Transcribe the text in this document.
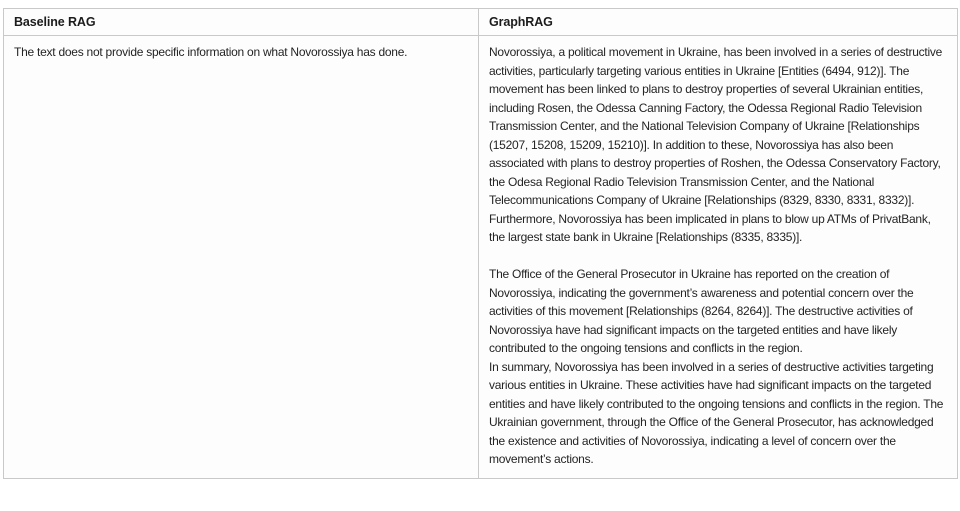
Baseline RAG	GraphRAG

The text does not provide specific information on what Novorossiya has done.	Novorossiya, a political movement in Ukraine, has been involved in a series of destructive activities, particularly targeting various entities in Ukraine [Entities (6494, 912)]. The movement has been linked to plans to destroy properties of several Ukrainian entities, including Rosen, the Odessa Canning Factory, the Odessa Regional Radio Television Transmission Center, and the National Television Company of Ukraine [Relationships (15207, 15208, 15209, 15210)]. In addition to these, Novorossiya has also been associated with plans to destroy properties of Roshen, the Odessa Conservatory Factory, the Odesa Regional Radio Television Transmission Center, and the National Telecommunications Company of Ukraine [Relationships (8329, 8330, 8331, 8332)]. Furthermore, Novorossiya has been implicated in plans to blow up ATMs of PrivatBank, the largest state bank in Ukraine [Relationships (8335, 8335)].

The Office of the General Prosecutor in Ukraine has reported on the creation of Novorossiya, indicating the government’s awareness and potential concern over the activities of this movement [Relationships (8264, 8264)]. The destructive activities of Novorossiya have had significant impacts on the targeted entities and have likely contributed to the ongoing tensions and conflicts in the region.

In summary, Novorossiya has been involved in a series of destructive activities targeting various entities in Ukraine. These activities have had significant impacts on the targeted entities and have likely contributed to the ongoing tensions and conflicts in the region. The Ukrainian government, through the Office of the General Prosecutor, has acknowledged the existence and activities of Novorossiya, indicating a level of concern over the movement’s actions.
